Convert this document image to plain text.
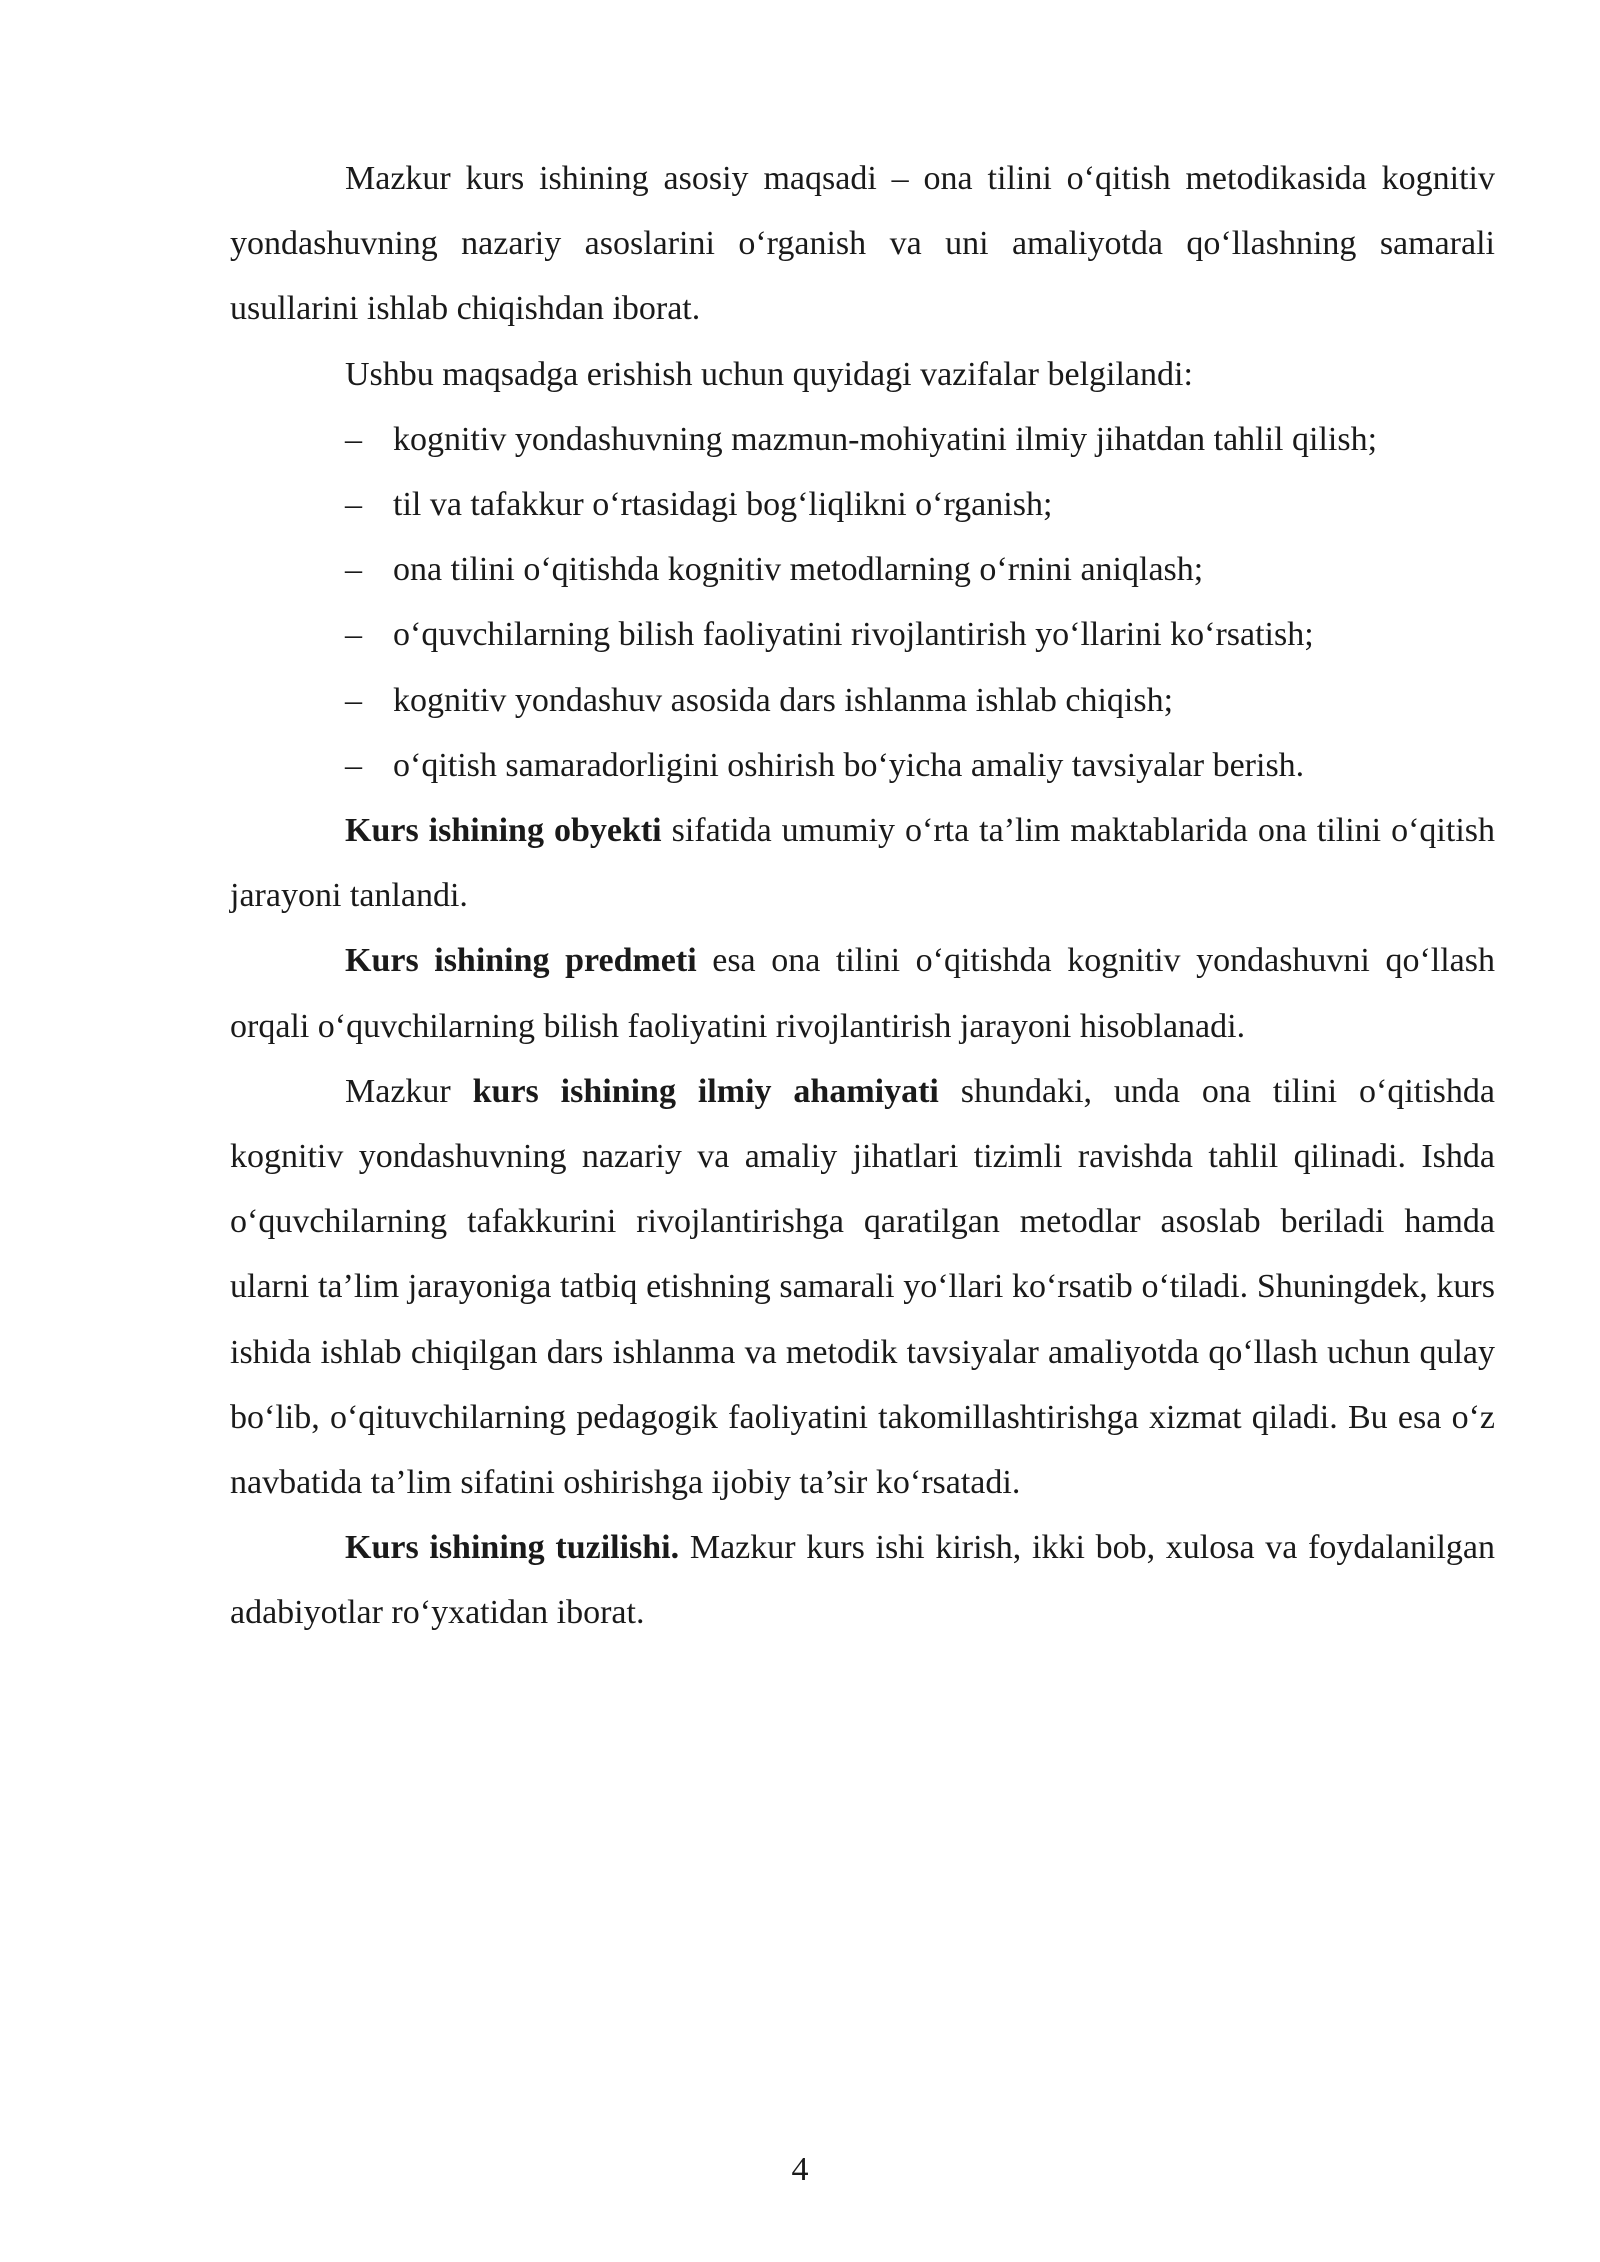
Mazkur kurs ishining asosiy maqsadi – ona tilini o‘qitish metodikasida kognitiv yondashuvning nazariy asoslarini o‘rganish va uni amaliyotda qo‘llashning samarali usullarini ishlab chiqishdan iborat.

Ushbu maqsadga erishish uchun quyidagi vazifalar belgilandi:

– kognitiv yondashuvning mazmun-mohiyatini ilmiy jihatdan tahlil qilish;
– til va tafakkur o‘rtasidagi bog‘liqlikni o‘rganish;
– ona tilini o‘qitishda kognitiv metodlarning o‘rnini aniqlash;
– o‘quvchilarning bilish faoliyatini rivojlantirish yo‘llarini ko‘rsatish;
– kognitiv yondashuv asosida dars ishlanma ishlab chiqish;
– o‘qitish samaradorligini oshirish bo‘yicha amaliy tavsiyalar berish.

Kurs ishining obyekti sifatida umumiy o‘rta ta’lim maktablarida ona tilini o‘qitish jarayoni tanlandi.

Kurs ishining predmeti esa ona tilini o‘qitishda kognitiv yondashuvni qo‘llash orqali o‘quvchilarning bilish faoliyatini rivojlantirish jarayoni hisoblanadi.

Mazkur kurs ishining ilmiy ahamiyati shundaki, unda ona tilini o‘qitishda kognitiv yondashuvning nazariy va amaliy jihatlari tizimli ravishda tahlil qilinadi. Ishda o‘quvchilarning tafakkurini rivojlantirishga qaratilgan metodlar asoslab beriladi hamda ularni ta’lim jarayoniga tatbiq etishning samarali yo‘llari ko‘rsatib o‘tiladi. Shuningdek, kurs ishida ishlab chiqilgan dars ishlanma va metodik tavsiyalar amaliyotda qo‘llash uchun qulay bo‘lib, o‘qituvchilarning pedagogik faoliyatini takomillashtirishga xizmat qiladi. Bu esa o‘z navbatida ta’lim sifatini oshirishga ijobiy ta’sir ko‘rsatadi.

Kurs ishining tuzilishi. Mazkur kurs ishi kirish, ikki bob, xulosa va foydalanilgan adabiyotlar ro‘yxatidan iborat.

4
